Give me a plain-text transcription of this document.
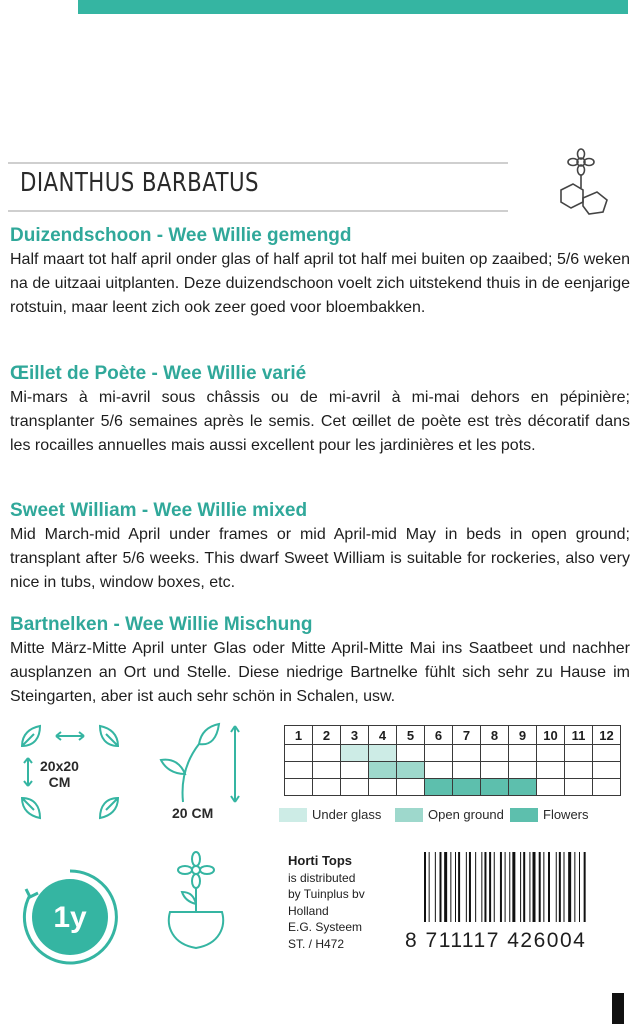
DIANTHUS BARBATUS
Duizendschoon - Wee Willie gemengd

Half maart tot half april onder glas of half april tot half mei buiten op zaaibed; 5/6 weken na de uitzaai uitplanten. Deze duizendschoon voelt zich uitstekend thuis in de eenjarige rotstuin, maar leent zich ook zeer goed voor bloembakken.

Œillet de Poète - Wee Willie varié

Mi-mars à mi-avril sous châssis ou de mi-avril à mi-mai dehors en pépinière; transplanter 5/6 semaines après le semis. Cet œillet de poète est très décoratif dans les rocailles annuelles mais aussi excellent pour les jardinières et les pots.

Sweet William - Wee Willie mixed

Mid March-mid April under frames or mid April-mid May in beds in open ground; transplant after 5/6 weeks. This dwarf Sweet William is suitable for rockeries, also very nice in tubs, window boxes, etc.

Bartnelken - Wee Willie Mischung

Mitte März-Mitte April unter Glas oder Mitte April-Mitte Mai ins Saatbeet und nachher ausplanzen an Ort und Stelle. Diese niedrige Bartnelke fühlt sich sehr zu Hause im Steingarten, aber ist auch sehr schön in Schalen, usw.

20x20
CM
20 CM
1	2	3	4	5	6	7	8	9	10	11	12

Under glass	Open ground	Flowers
1y
Horti Tops
is distributed
by Tuinplus bv
Holland
E.G. Systeem
ST. / H472	8 711117 426004
